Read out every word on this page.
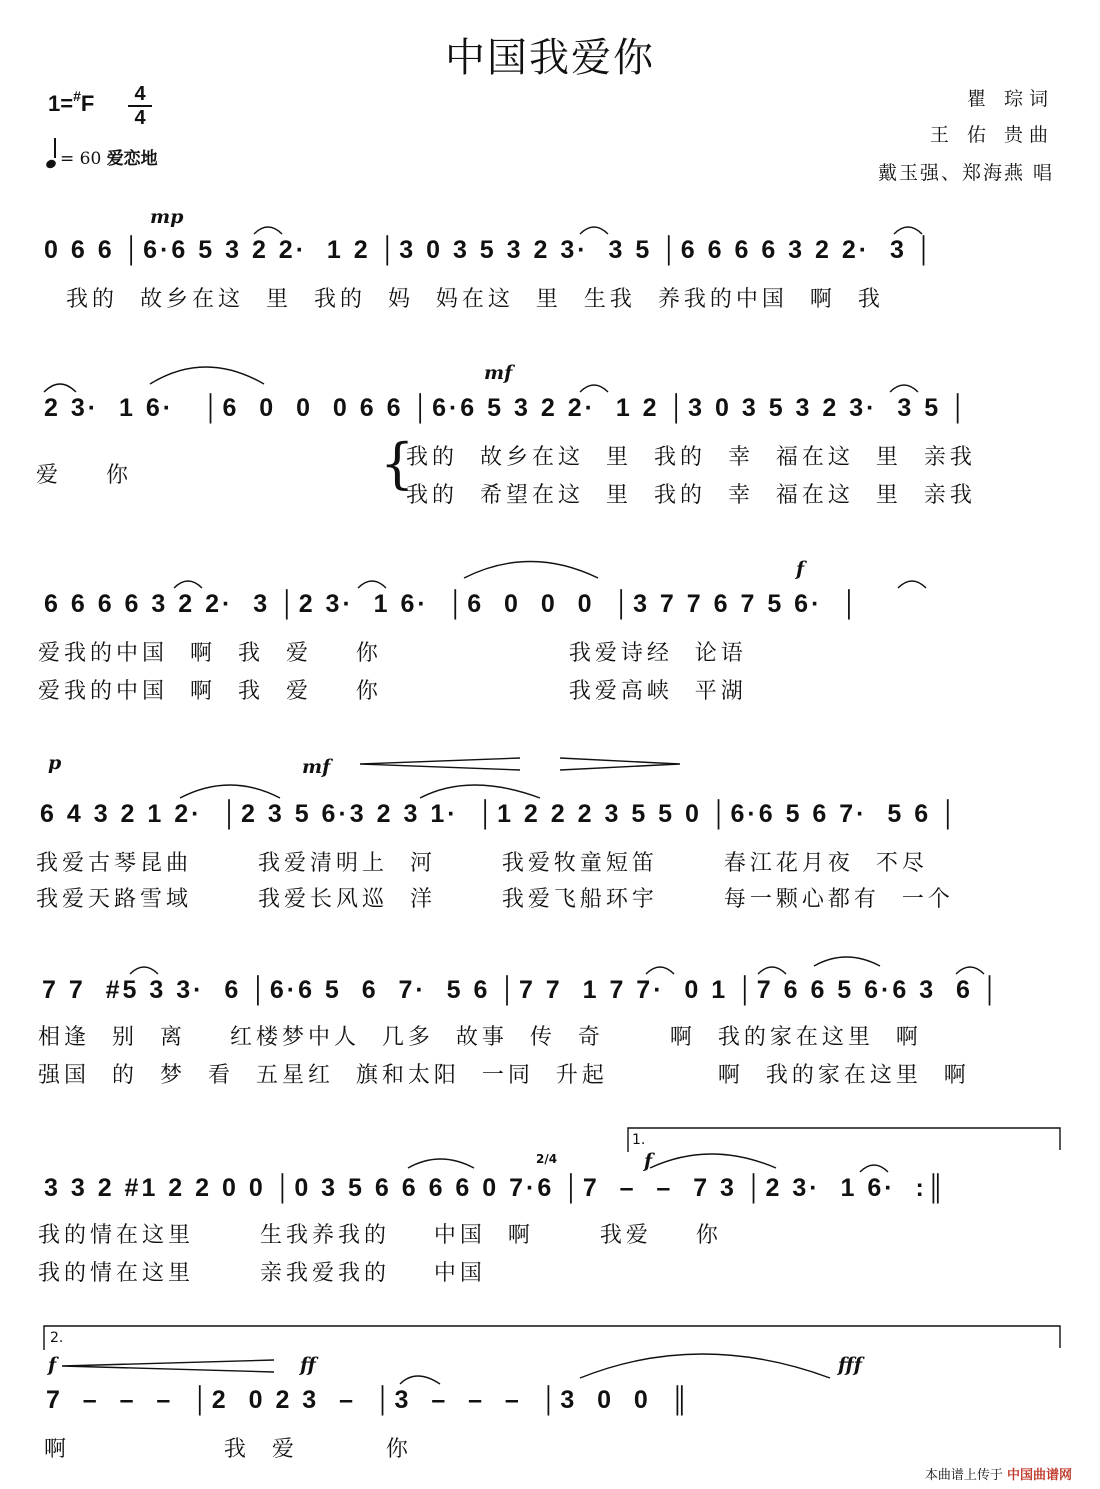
中国我爱你
1=#F	4
4
= 60 爱恋地
瞿 琮词
王 佑 贵曲
戴玉强、郑海燕 唱
mp
0 6 6 │6·6 5 3 2 2·  1 2 │3 0 3 5 3 2 3·  3 5 │6 6 6 6 3 2 2·  3 │
我的  故乡在这  里  我的  妈  妈在这  里  生我  养我的中国  啊  我
mf
2 3·  1 6·   │6  0  0  0 6 6 │6·6 5 3 2 2·  1 2 │3 0 3 5 3 2 3·  3 5 │
爱    你	{
我的  故乡在这  里  我的  幸  福在这  里  亲我
我的  希望在这  里  我的  幸  福在这  里  亲我
f
6 6 6 6 3 2 2·  3 │2 3·  1 6·  │6  0  0  0  │3 7 7 6 7 5 6·  │
爱我的中国  啊  我  爱    你                 我爱诗经  论语
爱我的中国  啊  我  爱    你                 我爱高峡  平湖
p	mf
6 4 3 2 1 2·  │2 3 5 6·3 2 3 1·  │1 2 2 2 3 5 5 0 │6·6 5 6 7·  5 6 │
我爱古琴昆曲      我爱清明上  河      我爱牧童短笛      春江花月夜  不尽
我爱天路雪域      我爱长风巡  洋      我爱飞船环宇      每一颗心都有  一个
7 7  #5 3 3·  6 │6·6 5  6  7·  5 6 │7 7  1 7 7·  0 1 │7 6 6 5 6·6 3  6 │
相逢  别  离    红楼梦中人  几多  故事  传  奇      啊  我的家在这里  啊
强国  的  梦  看  五星红  旗和太阳  一同  升起          啊  我的家在这里  啊
1.
2/4	f
3 3 2 #1 2 2 0 0 │0 3 5 6 6 6 6 0 7·6 │7  –  –  7 3 │2 3·  1 6·  :║
我的情在这里      生我养我的    中国  啊      我爱    你
我的情在这里      亲我爱我的    中国
2.
f	ff	fff
7  –  –  –  │2  0 2 3  –  │3  –  –  –  │3  0  0  ║
啊              我  爱        你
本曲谱上传于 中国曲谱网
